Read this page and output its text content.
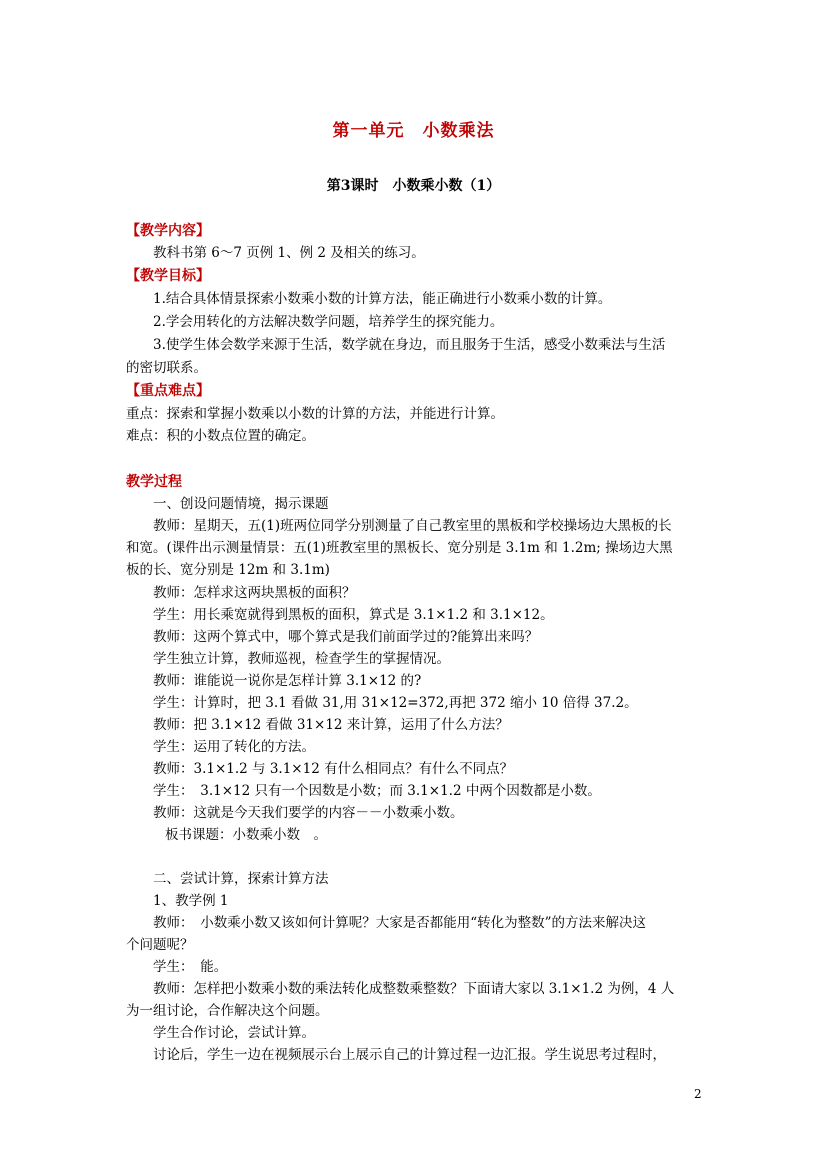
第一单元　小数乘法
第3课时　小数乘小数（1）
【教学内容】
教科书第 6～7 页例 1、例 2 及相关的练习。
【教学目标】
1.结合具体情景探索小数乘小数的计算方法，能正确进行小数乘小数的计算。
2.学会用转化的方法解决数学问题，培养学生的探究能力。
3.使学生体会数学来源于生活，数学就在身边，而且服务于生活，感受小数乘法与生活
的密切联系。
【重点难点】
重点：探索和掌握小数乘以小数的计算的方法，并能进行计算。
难点：积的小数点位置的确定。
教学过程
一、创设问题情境，揭示课题
教师：星期天，五(1)班两位同学分别测量了自己教室里的黑板和学校操场边大黑板的长
和宽。(课件出示测量情景：五(1)班教室里的黑板长、宽分别是 3.1m 和 1.2m; 操场边大黑
板的长、宽分别是 12m 和 3.1m)
教师：怎样求这两块黑板的面积？
学生：用长乘宽就得到黑板的面积，算式是 3.1×1.2 和 3.1×12。
教师：这两个算式中，哪个算式是我们前面学过的?能算出来吗？
学生独立计算，教师巡视，检查学生的掌握情况。
教师：谁能说一说你是怎样计算 3.1×12 的?
学生：计算时，把 3.1 看做 31,用 31×12=372,再把 372 缩小 10 倍得 37.2。
教师：把 3.1×12 看做 31×12 来计算，运用了什么方法？
学生：运用了转化的方法。
教师：3.1×1.2 与 3.1×12 有什么相同点？有什么不同点？
学生：　3.1×12 只有一个因数是小数；而 3.1×1.2 中两个因数都是小数。
教师：这就是今天我们要学的内容－－小数乘小数。
板书课题：小数乘小数　。
二、尝试计算，探索计算方法
1、教学例 1
教师：　小数乘小数又该如何计算呢？大家是否都能用“转化为整数”的方法来解决这
个问题呢？
学生：　能。
教师：怎样把小数乘小数的乘法转化成整数乘整数？下面请大家以 3.1×1.2 为例，4 人
为一组讨论，合作解决这个问题。
学生合作讨论，尝试计算。
讨论后，学生一边在视频展示台上展示自己的计算过程一边汇报。学生说思考过程时，
2
